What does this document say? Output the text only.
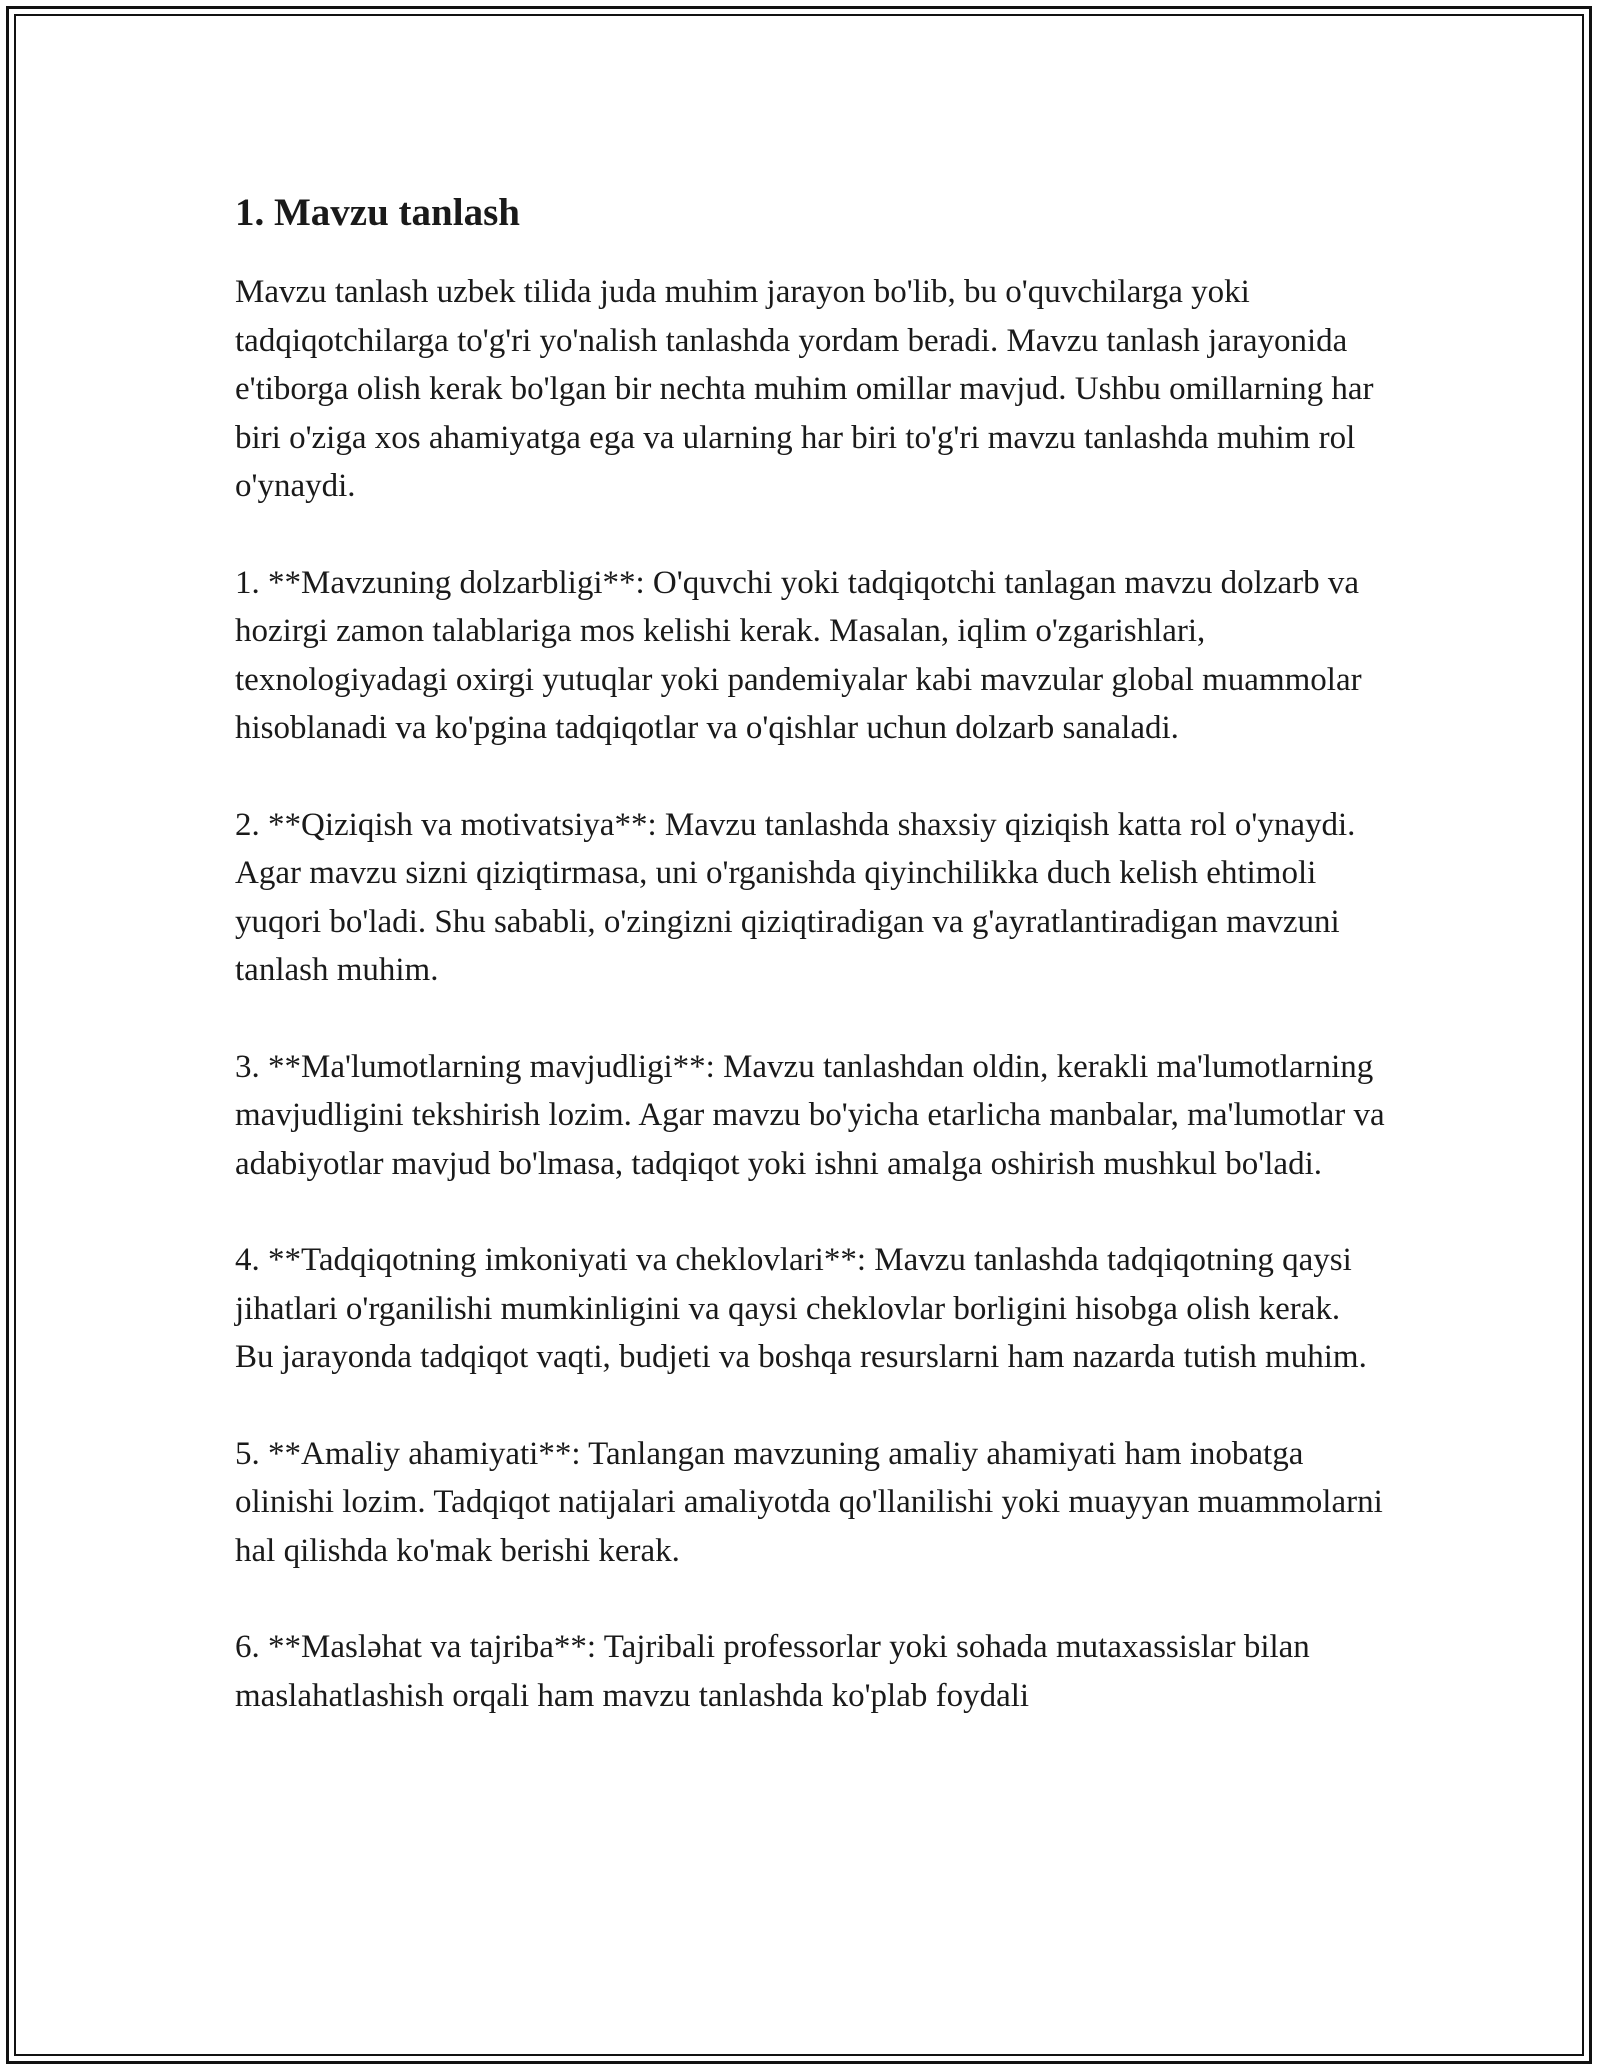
1. Mavzu tanlash

Mavzu tanlash uzbek tilida juda muhim jarayon bo'lib, bu o'quvchilarga yoki tadqiqotchilarga to'g'ri yo'nalish tanlashda yordam beradi. Mavzu tanlash jarayonida e'tiborga olish kerak bo'lgan bir nechta muhim omillar mavjud. Ushbu omillarning har biri o'ziga xos ahamiyatga ega va ularning har biri to'g'ri mavzu tanlashda muhim rol o'ynaydi.

1. **Mavzuning dolzarbligi**: O'quvchi yoki tadqiqotchi tanlagan mavzu dolzarb va hozirgi zamon talablariga mos kelishi kerak. Masalan, iqlim o'zgarishlari, texnologiyadagi oxirgi yutuqlar yoki pandemiyalar kabi mavzular global muammolar hisoblanadi va ko'pgina tadqiqotlar va o'qishlar uchun dolzarb sanaladi.

2. **Qiziqish va motivatsiya**: Mavzu tanlashda shaxsiy qiziqish katta rol o'ynaydi. Agar mavzu sizni qiziqtirmasa, uni o'rganishda qiyinchilikka duch kelish ehtimoli yuqori bo'ladi. Shu sababli, o'zingizni qiziqtiradigan va g'ayratlantiradigan mavzuni tanlash muhim.

3. **Ma'lumotlarning mavjudligi**: Mavzu tanlashdan oldin, kerakli ma'lumotlarning mavjudligini tekshirish lozim. Agar mavzu bo'yicha etarlicha manbalar, ma'lumotlar va adabiyotlar mavjud bo'lmasa, tadqiqot yoki ishni amalga oshirish mushkul bo'ladi.

4. **Tadqiqotning imkoniyati va cheklovlari**: Mavzu tanlashda tadqiqotning qaysi jihatlari o'rganilishi mumkinligini va qaysi cheklovlar borligini hisobga olish kerak. Bu jarayonda tadqiqot vaqti, budjeti va boshqa resurslarni ham nazarda tutish muhim.

5. **Amaliy ahamiyati**: Tanlangan mavzuning amaliy ahamiyati ham inobatga olinishi lozim. Tadqiqot natijalari amaliyotda qo'llanilishi yoki muayyan muammolarni hal qilishda ko'mak berishi kerak.

6. **Masləhat va tajriba**: Tajribali professorlar yoki sohada mutaxassislar bilan maslahatlashish orqali ham mavzu tanlashda ko'plab foydali
